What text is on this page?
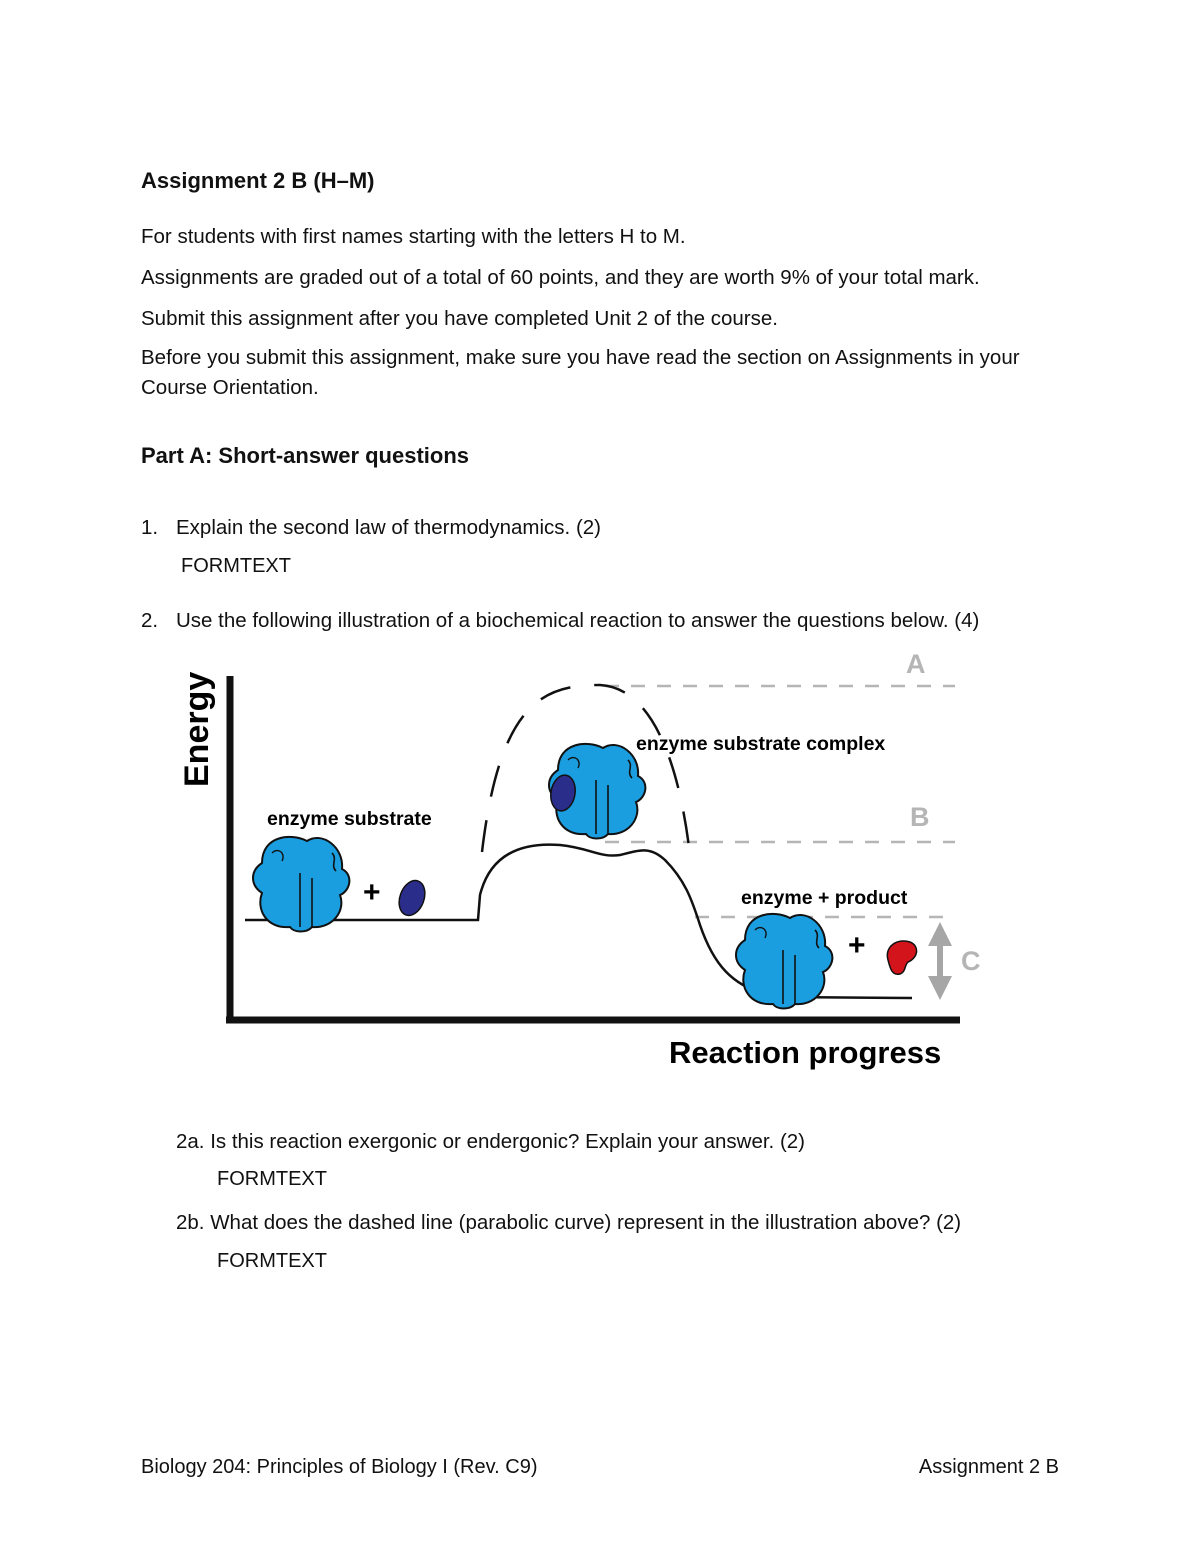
Assignment 2 B (H–M)
For students with first names starting with the letters H to M.
Assignments are graded out of a total of 60 points, and they are worth 9% of your total mark.
Submit this assignment after you have completed Unit 2 of the course.
Before you submit this assignment, make sure you have read the section on Assignments in your Course Orientation.
Part A: Short-answer questions
1. Explain the second law of thermodynamics. (2)
FORMTEXT
2. Use the following illustration of a biochemical reaction to answer the questions below. (4)
Energy
Reaction progress
enzyme substrate
enzyme substrate complex
enzyme + product
+
+
A
B
C
2a. Is this reaction exergonic or endergonic? Explain your answer. (2)
FORMTEXT
2b. What does the dashed line (parabolic curve) represent in the illustration above? (2)
FORMTEXT
Biology 204: Principles of Biology I (Rev. C9)	Assignment 2 B
